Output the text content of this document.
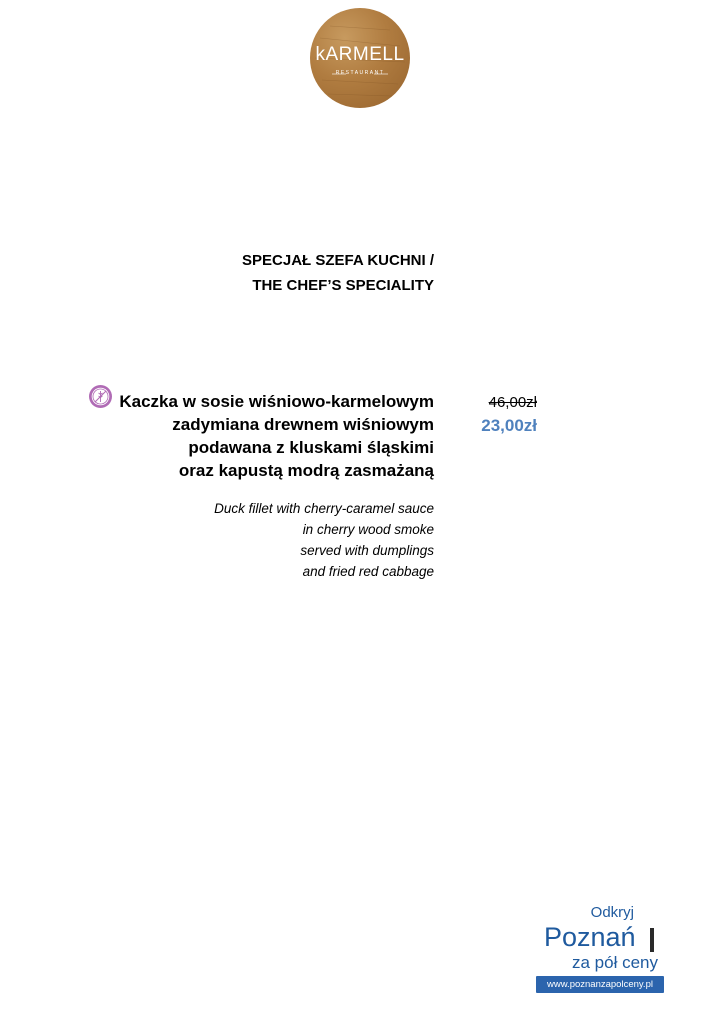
kARMELL
RESTAURANT
SPECJAŁ SZEFA KUCHNI /
THE CHEF’S SPECIALITY
Kaczka w sosie wiśniowo-karmelowym
zadymiana drewnem wiśniowym
podawana z kluskami śląskimi
oraz kapustą modrą zasmażaną
Duck fillet with cherry-caramel sauce
in cherry wood smoke
served with dumplings
and fried red cabbage
46,00zł
23,00zł
Odkryj
Poznań
za pół ceny
www.poznanzapolceny.pl
